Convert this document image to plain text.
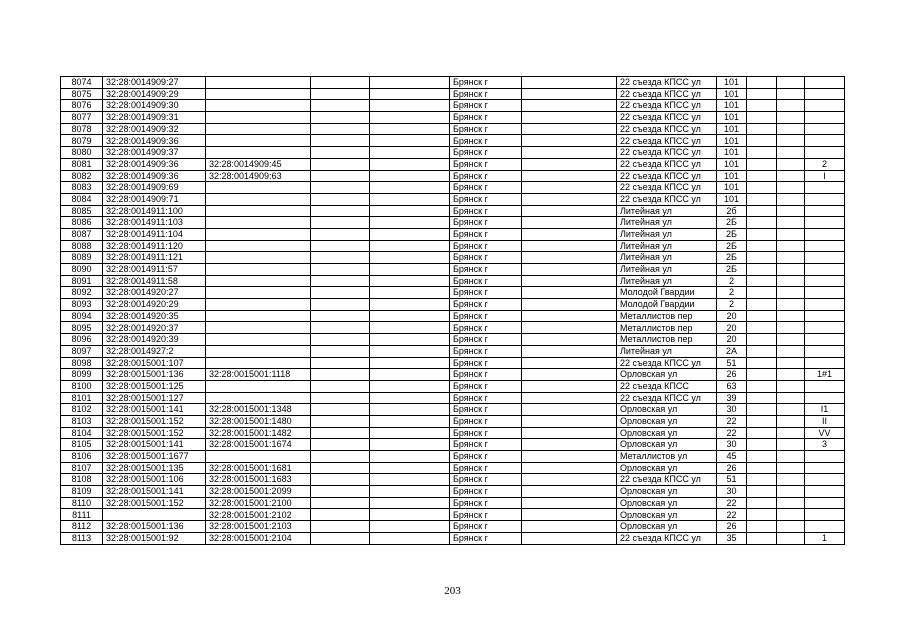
8074	32:28:0014909:27				Брянск г		22 съезда КПСС ул	101			
8075	32:28:0014909:29				Брянск г		22 съезда КПСС ул	101			
8076	32:28:0014909:30				Брянск г		22 съезда КПСС ул	101			
8077	32:28:0014909:31				Брянск г		22 съезда КПСС ул	101			
8078	32:28:0014909:32				Брянск г		22 съезда КПСС ул	101			
8079	32:28:0014909:36				Брянск г		22 съезда КПСС ул	101			
8080	32:28:0014909:37				Брянск г		22 съезда КПСС ул	101			
8081	32:28:0014909:36	32:28:0014909:45			Брянск г		22 съезда КПСС ул	101			2
8082	32:28:0014909:36	32:28:0014909:63			Брянск г		22 съезда КПСС ул	101			I
8083	32:28:0014909:69				Брянск г		22 съезда КПСС ул	101			
8084	32:28:0014909:71				Брянск г		22 съезда КПСС ул	101			
8085	32:28:0014911:100				Брянск г		Литейная ул	2б			
8086	32:28:0014911:103				Брянск г		Литейная ул	2Б			
8087	32:28:0014911:104				Брянск г		Литейная ул	2Б			
8088	32:28:0014911:120				Брянск г		Литейная ул	2Б			
8089	32:28:0014911:121				Брянск г		Литейная ул	2Б			
8090	32:28:0014911:57				Брянск г		Литейная ул	2Б			
8091	32:28:0014911:58				Брянск г		Литейная ул	2			
8092	32:28:0014920:27				Брянск г		Молодой Гвардии	2			
8093	32:28:0014920:29				Брянск г		Молодой Гвардии	2			
8094	32:28:0014920:35				Брянск г		Металлистов пер	20			
8095	32:28:0014920:37				Брянск г		Металлистов пер	20			
8096	32:28:0014920:39				Брянск г		Металлистов пер	20			
8097	32:28:0014927:2				Брянск г		Литейная ул	2А			
8098	32:28:0015001:107				Брянск г		22 съезда КПСС ул	51			
8099	32:28:0015001:136	32:28:0015001:1118			Брянск г		Орловская ул	26			1#1
8100	32:28:0015001:125				Брянск г		22 съезда КПСС	63			
8101	32:28:0015001:127				Брянск г		22 съезда КПСС ул	39			
8102	32:28:0015001:141	32:28:0015001:1348			Брянск г		Орловская ул	30			I1
8103	32:28:0015001:152	32:28:0015001:1480			Брянск г		Орловская ул	22			II
8104	32:28:0015001:152	32:28:0015001:1482			Брянск г		Орловская ул	22			VV
8105	32:28:0015001:141	32:28:0015001:1674			Брянск г		Орловская ул	30			3
8106	32:28:0015001:1677				Брянск г		Металлистов ул	45			
8107	32:28:0015001:135	32:28:0015001:1681			Брянск г		Орловская ул	26			
8108	32:28:0015001:106	32:28:0015001:1683			Брянск г		22 съезда КПСС ул	51			
8109	32:28:0015001:141	32:28:0015001:2099			Брянск г		Орловская ул	30			
8110	32:28:0015001:152	32:28:0015001:2100			Брянск г		Орловская ул	22			
8111		32:28:0015001:2102			Брянск г		Орловская ул	22			
8112	32:28:0015001:136	32:28:0015001:2103			Брянск г		Орловская ул	26			
8113	32:28:0015001:92	32:28:0015001:2104			Брянск г		22 съезда КПСС ул	35			1
203
